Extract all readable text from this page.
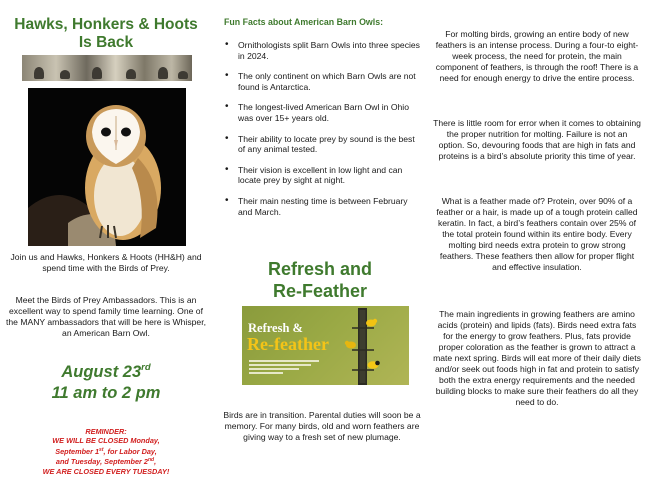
Hawks, Honkers & Hoots
Is Back

Join us and Hawks, Honkers & Hoots (HH&H) and spend time with the Birds of Prey.

Meet the Birds of Prey Ambassadors. This is an excellent way to spend family time learning. One of the MANY ambassadors that will be here is Whisper, an American Barn Owl.

August 23rd
11 am to 2 pm
REMINDER:
WE WILL BE CLOSED Monday,
September 1st, for Labor Day,
and Tuesday, September 2nd,
WE ARE CLOSED EVERY TUESDAY!
Fun Facts about American Barn Owls:
• Ornithologists split Barn Owls into three species in 2024.
• The only continent on which Barn Owls are not found is Antarctica.
• The longest-lived American Barn Owl in Ohio was over 15+ years old.
• Their ability to locate prey by sound is the best of any animal tested.
• Their vision is excellent in low light and can locate prey by sight at night.
• Their main nesting time is between February and March.
Refresh and
Re-Feather
Refresh &
Re-feather

Birds are in transition. Parental duties will soon be a memory. For many birds, old and worn feathers are giving way to a fresh set of new plumage.

For molting birds, growing an entire body of new feathers is an intense process. During a four-to eight-week process, the need for protein, the main component of feathers, is through the roof! There is a need for enough energy to drive the entire process.

There is little room for error when it comes to obtaining the proper nutrition for molting. Failure is not an option. So, devouring foods that are high in fats and proteins is a bird’s absolute priority this time of year.

What is a feather made of? Protein, over 90% of a feather or a hair, is made up of a tough protein called keratin. In fact, a bird’s feathers contain over 25% of the total protein found within its entire body. Every molting bird needs extra protein to grow strong feathers. These feathers then allow for proper flight and effective insulation.

The main ingredients in growing feathers are amino acids (protein) and lipids (fats). Birds need extra fats for the energy to grow feathers. Plus, fats provide proper coloration as the feather is grown to attract a mate next spring. Birds will eat more of their daily diets and/or seek out foods high in fat and protein to satisfy both the extra energy requirements and the needed building blocks to make sure their feathers do all they need to do.
